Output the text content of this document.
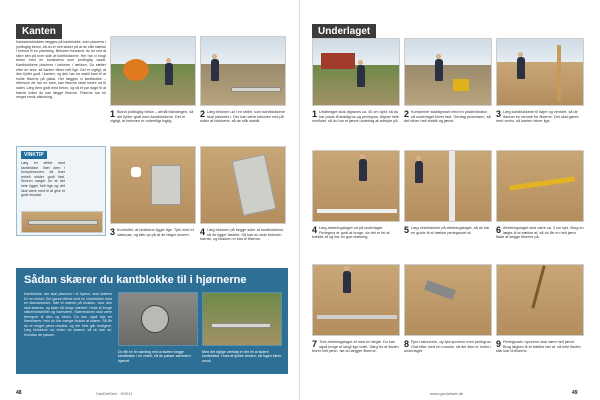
Kanten
Kantstensblokken lægges på kantblokke, som placeres i jordfugtig beton, så du er helt sikker på at de står stærke i forhold til en plantning. Betonen forankrer du let ved at sikre den på hver side af kantblokkene. Her har vi brugt beton med en konsistens som jordfugtig vaadt. Kantblokkene placeres i betonen i rækken. Du sætter efter en snor, så kanten bliver helt lige. Det er vigtigt, at den fylder godt i kanten, og den har en stabil kant til at holde fliserne på plads. Her lægges vi kantblokke – eftersom de har en kant, kan fliserne falde bedre ud til siden. Læg dem godt med beton, og så et par dage til at hærde inden du kan lægge fliserne. Fliserne har en meget smuk afslutning.
1 Bland jordfugtig beton – afmål blandingen, så det fylder godt med kantblokkene. Det er vigtigt, at betonen er ordentligt fugtig.
2 Læg betonen ud i en stribe, som kantblokkene skal placeres i. Der kan være betonen ned på siden af blokkene, så de står stabilt.
VINKTIP
Læg en stribe med kantblokke. Sæt dem i kompressoren, så hver enkelt sidder godt fast. Snoren sørger for at det hele ligger helt lige og det skal være med til at give et godt resultat.
3 Kontrollér, at blokkene ligger lige. Tjek med et vaterpas, og tæk op på at de følger snoren.	4 Læg betonen på begge sider af kantblokkene, så de ligger fastere. Så kan du lade betonen hærde, og blokken er klar til fliserne.
Sådan skærer du kantblokke til i hjørnerne
Kantblokke, der skal placeres i et hjørne, skal skæres til i en vinkel. Det gøres lettest med en vinkelsliber med en diamantskive. Sæt et mærke på blokken, hvor den skal skæres, og skær så langs mærket. Husk at bruge sikkerhedsbriller og høreværn. Skæreskiven skal være beregnet til sten og beton. Du kan også leje en fliseskærer, hvis du har mange blokke at skære. Så får du et meget pænt resultat, og det hele går hurtigere. Læg blokkene ud, inden du skærer, så du kan se, hvordan de passer.
Du får en fin samling ved at skære begge kantblokke i en vinkel, så de passer sammen i hjørnet.
Med det rigtige værktøj er det let at skære kantblokke. Husk at tjekke vinklen, så fugen bliver smuk.
48	GørDetSelv · 9/2011
Underlaget
1 Underlaget skal afgraves ca. 40 cm dybt, så du har plads til stabilgrus og perlegrus. Afgrav hele området, så du har et jævnt underlag at arbejde på.
2 Komprimér stabilgruset med en pladevibrator, så underlaget bliver fast. Gentag processen, så det bliver helt stabilt og jævnt.
3 Læg kantblokkene til højre og venstre, så de danner en ramme for fliserne. Det skal gøres med omhu, så kanten bliver lige.
4 Læg afretningslaget ud på underlaget. Perlegrus er godt at bruge, da det er let at trække af og har en god dræning.
5 Læg vinkelskinne på afretningslaget, så du har en guide til at trække perlegruset af.	6 Afretningslaget skal være ca. 3 cm tykt. Brug en lægte til at trække af, så du får en helt jævn flade at lægge fliserne på.
7 Trek afretningslaget af med en lægte. Du kan også bruge et langt lige bræt. Sørg for at fladen bliver helt jævn, før du lægger fliserne.
8 Fjern skinnerne, og fyld sporene med perlegrus. Glat efter med en murske, så der ikke er huller i underlaget.
9 Perlegruset i sporene skal være helt jævnt. Brug lægten til at trække det af, så hele fladen står klar til fliserne.
www.gordetselv.dk	49
